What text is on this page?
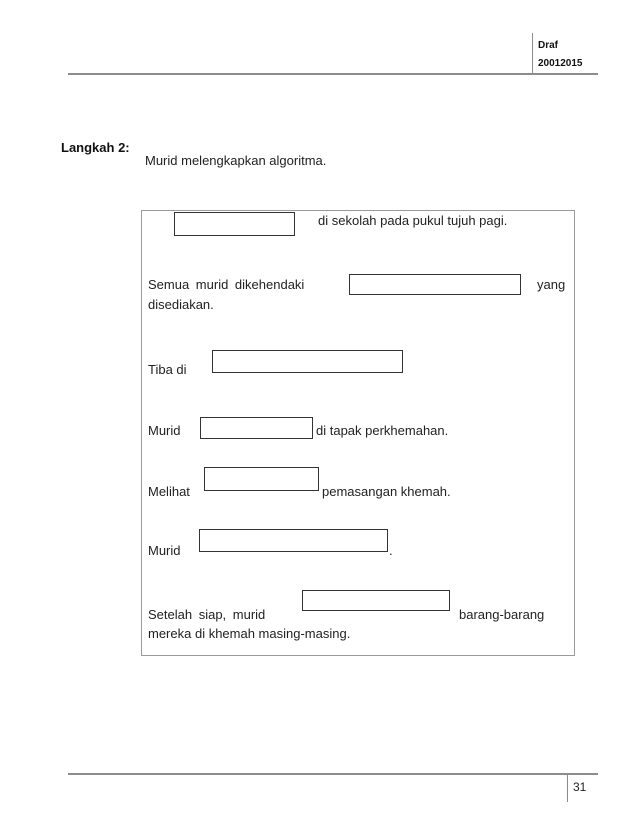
Draf
20012015
Langkah 2:
Murid melengkapkan algoritma.
di sekolah pada pukul tujuh pagi.
Semua murid dikehendaki	yang
disediakan.
Tiba di
Murid	di tapak perkhemahan.
Melihat	pemasangan khemah.
Murid	.
Setelah siap, murid	barang-barang
mereka di khemah masing-masing.
31
